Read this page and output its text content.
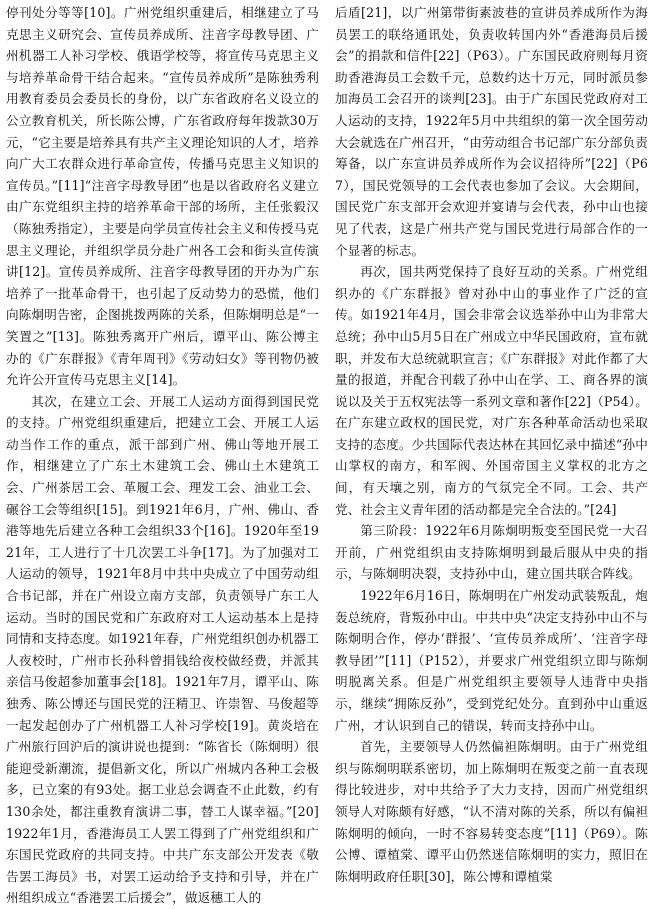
停刊处分等等[10]。广州党组织重建后，相继建立了马克思主义研究会、宣传员养成所、注音字母教导团、广州机器工人补习学校、俄语学校等，将宣传马克思主义与培养革命骨干结合起来。“宣传员养成所”是陈独秀利用教育委员会委员长的身份，以广东省政府名义设立的公立教育机关，所长陈公博，广东省政府每年拨款30万元，“它主要是培养具有共产主义理论知识的人才，培养向广大工农群众进行革命宣传，传播马克思主义知识的宣传员。”[11]“注音字母教导团”也是以省政府名义建立由广东党组织主持的培养革命干部的场所，主任张毅汉（陈独秀指定），主要是向学员宣传社会主义和传授马克思主义理论，并组织学员分赴广州各工会和街头宣传演讲[12]。宣传员养成所、注音字母教导团的开办为广东培养了一批革命骨干，也引起了反动势力的恐慌，他们向陈炯明告密，企图挑拨两陈的关系，但陈炯明总是“一笑置之”[13]。陈独秀离开广州后，谭平山、陈公博主办的《广东群报》《青年周刊》《劳动妇女》等刊物仍被允许公开宣传马克思主义[14]。

其次，在建立工会、开展工人运动方面得到国民党的支持。广州党组织重建后，把建立工会、开展工人运动当作工作的重点，派干部到广州、佛山等地开展工作，相继建立了广东土木建筑工会、佛山土木建筑工会、广州茶居工会、革履工会、理发工会、油业工会、碾谷工会等组织[15]。到1921年6月，广州、佛山、香港等地先后建立各种工会组织33个[16]。1920年至1921年，工人进行了十几次罢工斗争[17]。为了加强对工人运动的领导，1921年8月中共中央成立了中国劳动组合书记部，并在广州设立南方支部，负责领导广东工人运动。当时的国民党和广东政府对工人运动基本上是持同情和支持态度。如1921年春，广州党组织创办机器工人夜校时，广州市长孙科曾捐钱给夜校做经费，并派其亲信马俊超参加董事会[18]。1921年7月，谭平山、陈独秀、陈公博还与国民党的汪精卫、许崇智、马俊超等一起发起创办了广州机器工人补习学校[19]。黄炎培在广州旅行回沪后的演讲说也提到：“陈省长（陈炯明）很能迎受新潮流，提倡新文化，所以广州城内各种工会极多，已立案的有93处。据工业总会调查不止此数，约有130余处，都注重教育演讲二事，替工人谋幸福。”[20]1922年1月，香港海员工人罢工得到了广州党组织和广东国民党政府的共同支持。中共广东支部公开发表《敬告罢工海员》书，对罢工运动给予支持和引导，并在广州组织成立“香港罢工后援会”，做返穗工人的

后盾[21]，以广州第带街素波巷的宣讲员养成所作为海员罢工的联络通讯处，负责收转国内外“香港海员后援会”的捐款和信件[22]（P63）。广东国民政府则每月资助香港海员工会数千元，总数约达十万元，同时派员参加海员工会召开的谈判[23]。由于广东国民党政府对工人运动的支持，1922年5月中共组织的第一次全国劳动大会就选在广州召开，“由劳动组合书记部广东分部负责筹备，以广东宣讲员养成所作为会议招待所”[22]（P67），国民党领导的工会代表也参加了会议。大会期间，国民党广东支部开会欢迎并宴请与会代表，孙中山也接见了代表，这是广州共产党与国民党进行局部合作的一个显著的标志。

再次，国共两党保持了良好互动的关系。广州党组织办的《广东群报》曾对孙中山的事业作了广泛的宣传。如1921年4月，国会非常会议选举孙中山为非常大总统；孙中山5月5日在广州成立中华民国政府，宣布就职，并发布大总统就职宣言；《广东群报》对此作都了大量的报道，并配合刊载了孙中山在学、工、商各界的演说以及关于五权宪法等一系列文章和著作[22]（P54）。在广东建立政权的国民党，对广东各种革命活动也采取支持的态度。少共国际代表达林在其回忆录中描述“孙中山掌权的南方，和军阀、外国帝国主义掌权的北方之间，有天壤之别，南方的气氛完全不同。工会、共产党、社会主义青年团的活动都是完全合法的。”[24]

第三阶段：1922年6月陈炯明叛变至国民党一大召开前，广州党组织由支持陈炯明到最后服从中央的指示，与陈炯明决裂，支持孙中山，建立国共联合阵线。

1922年6月16日，陈炯明在广州发动武装叛乱，炮轰总统府，背叛孙中山。中共中央“决定支持孙中山不与陈炯明合作，停办‘群报’、‘宣传员养成所’、‘注音字母教导团’”[11]（P152），并要求广州党组织立即与陈炯明脱离关系。但是广州党组织主要领导人违背中央指示，继续“拥陈反孙”，受到党纪处分。直到孙中山重返广州，才认识到自己的错误，转而支持孙中山。

首先，主要领导人仍然偏袒陈炯明。由于广州党组织与陈炯明联系密切，加上陈炯明在叛变之前一直表现得比较进步，对中共给予了大力支持，因而广州党组织领导人对陈颇有好感，“认不清对陈的关系，所以有偏袒陈炯明的倾向，一时不容易转变态度”[11]（P69）。陈公博、谭植棠、谭平山仍然迷信陈炯明的实力，照旧在陈炯明政府任职[30]，陈公博和谭植棠
